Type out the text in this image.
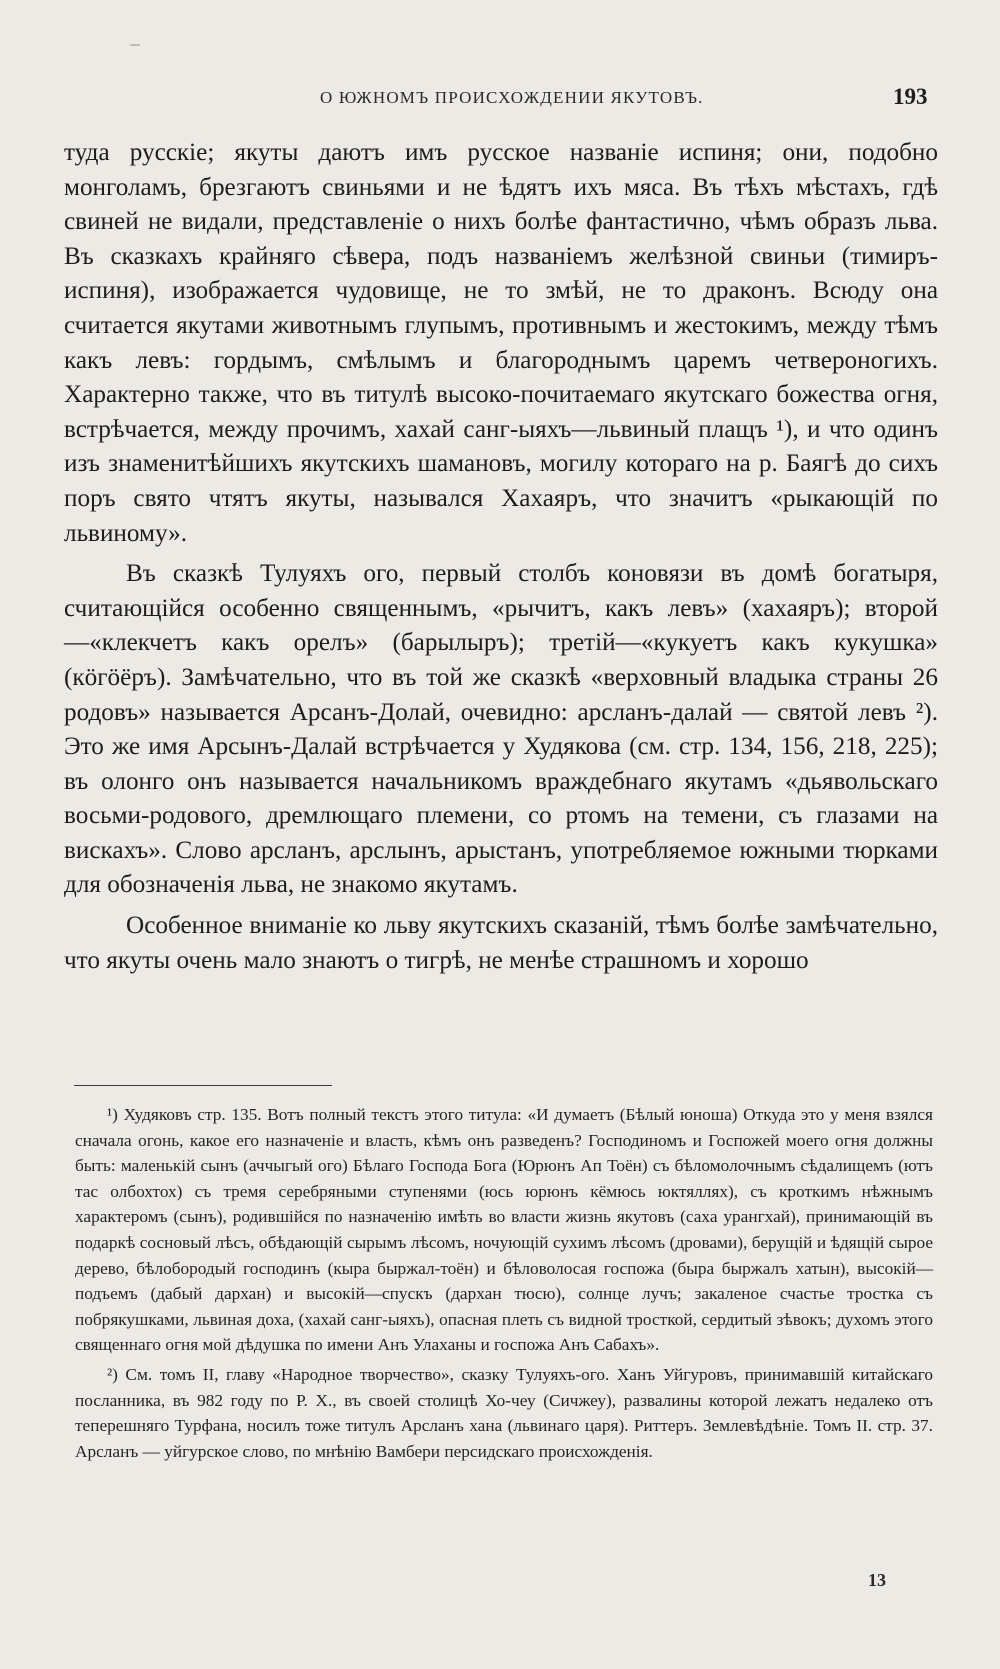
О ЮЖНОМЪ ПРОИСХОЖДЕНИИ ЯКУТОВЪ.	193

туда русскіе; якуты даютъ имъ русское названіе испиня; они, подобно монголамъ, брезгаютъ свиньями и не ѣдятъ ихъ мяса. Въ тѣхъ мѣстахъ, гдѣ свиней не видали, представленіе о нихъ болѣе фантастично, чѣмъ образъ льва. Въ сказкахъ крайняго сѣвера, подъ названіемъ желѣзной свиньи (тимиръ-испиня), изображается чудовище, не то змѣй, не то драконъ. Всюду она считается якутами животнымъ глупымъ, противнымъ и жестокимъ, между тѣмъ какъ левъ: гордымъ, смѣлымъ и благороднымъ царемъ четвероногихъ. Характерно также, что въ титулѣ высоко-почитаемаго якутскаго божества огня, встрѣчается, между прочимъ, хахай санг-ыяхъ—львиный плащъ ¹), и что одинъ изъ знаменитѣйшихъ якутскихъ шамановъ, могилу котораго на р. Баягѣ до сихъ поръ свято чтятъ якуты, назывался Хахаяръ, что значитъ «рыкающій по львиному».

Въ сказкѣ Тулуяхъ ого, первый столбъ коновязи въ домѣ богатыря, считающійся особенно священнымъ, «рычитъ, какъ левъ» (хахаяръ); второй—«клекчетъ какъ орелъ» (барылыръ); третій—«кукуетъ какъ кукушка» (кӧгӧёръ). Замѣчательно, что въ той же сказкѣ «верховный владыка страны 26 родовъ» называется Арсанъ-Долай, очевидно: арсланъ-далай — святой левъ ²). Это же имя Арсынъ-Далай встрѣчается у Худякова (см. стр. 134, 156, 218, 225); въ олонго онъ называется начальникомъ враждебнаго якутамъ «дьявольскаго восьми-родового, дремлющаго племени, со ртомъ на темени, съ глазами на вискахъ». Слово арсланъ, арслынъ, арыстанъ, употребляемое южными тюрками для обозначенія льва, не знакомо якутамъ.

Особенное вниманіе ко льву якутскихъ сказаній, тѣмъ болѣе замѣчательно, что якуты очень мало знаютъ о тигрѣ, не менѣе страшномъ и хорошо

¹) Худяковъ стр. 135. Вотъ полный текстъ этого титула: «И думаетъ (Бѣлый юноша) Откуда это у меня взялся сначала огонь, какое его назначеніе и власть, кѣмъ онъ разведенъ? Господиномъ и Госпожей моего огня должны быть: маленькій сынъ (аччыгый ого) Бѣлаго Господа Бога (Юрюнъ Ап Тоён) съ бѣломолочнымъ сѣдалищемъ (ютъ тас олбохтох) съ тремя серебряными ступенями (юсь юрюнъ кёмюсь юктяллях), съ кроткимъ нѣжнымъ характеромъ (сынъ), родившійся по назначенію имѣть во власти жизнь якутовъ (саха урангхай), принимающій въ подаркѣ сосновый лѣсъ, обѣдающій сырымъ лѣсомъ, ночующій сухимъ лѣсомъ (дровами), берущій и ѣдящій сырое дерево, бѣлобородый господинъ (кыра быржал-тоён) и бѣловолосая госпожа (быра быржалъ хатын), высокій—подъемъ (дабый дархан) и высокій—спускъ (дархан тюсю), солнце лучъ; закаленое счастье тростка съ побрякушками, львиная доха, (хахай санг-ыяхъ), опасная плеть съ видной тросткой, сердитый зѣвокъ; духомъ этого священнаго огня мой дѣдушка по имени Анъ Улаханы и госпожа Анъ Сабахъ».

²) См. томъ II, главу «Народное творчество», сказку Тулуяхъ-ого. Ханъ Уйгуровъ, принимавшій китайскаго посланника, въ 982 году по Р. Х., въ своей столицѣ Хо-чеу (Сичжеу), развалины которой лежатъ недалеко отъ теперешняго Турфана, носилъ тоже титулъ Арсланъ хана (львинаго царя). Риттеръ. Землевѣдѣніе. Томъ II. стр. 37. Арсланъ — уйгурское слово, по мнѣнію Вамбери персидскаго происхожденія.

13
